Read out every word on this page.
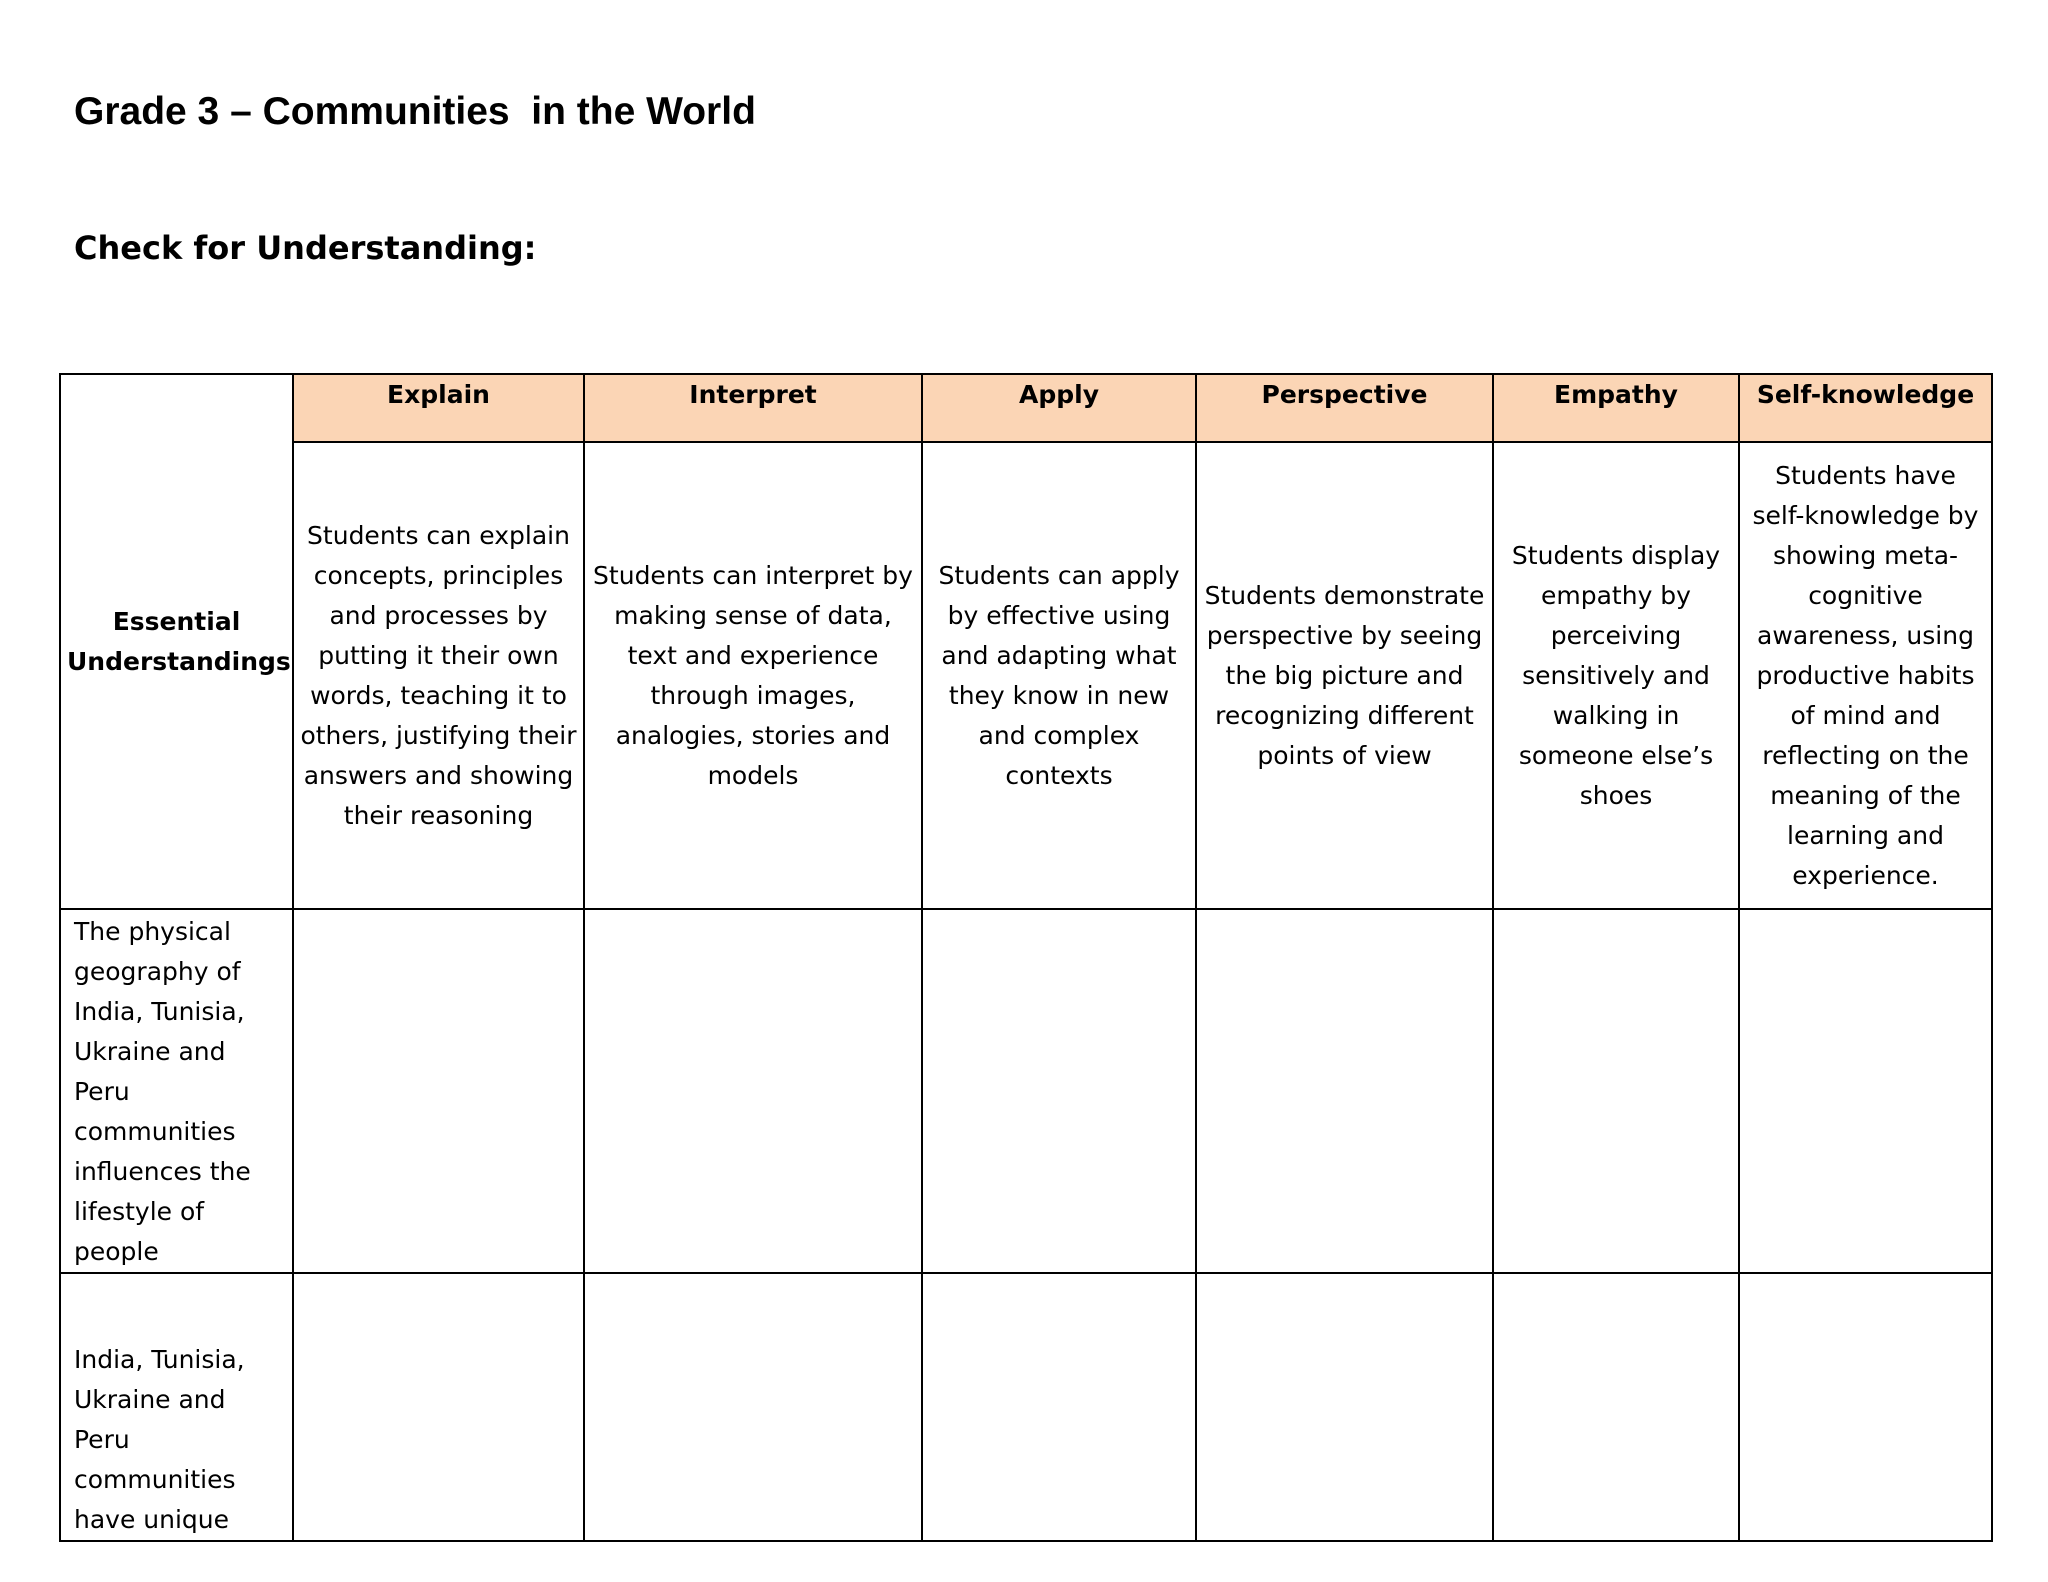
Grade 3 – Communities  in the World
Check for Understanding:
Essential Understandings	Explain	Interpret	Apply	Perspective	Empathy	Self-knowledge
	Students can explain concepts, principles and processes by putting it their own words, teaching it to others, justifying their answers and showing their reasoning	Students can interpret by making sense of data, text and experience through images, analogies, stories and models	Students can apply by effective using and adapting what they know in new and complex contexts	Students demonstrate perspective by seeing the big picture and recognizing different points of view	Students display empathy by perceiving sensitively and walking in someone else’s shoes	Students have self-knowledge by showing meta-cognitive awareness, using productive habits of mind and reflecting on the meaning of the learning and experience.

The physical geography of India, Tunisia, Ukraine and Peru communities influences the lifestyle of people						

India, Tunisia, Ukraine and Peru communities have unique						
